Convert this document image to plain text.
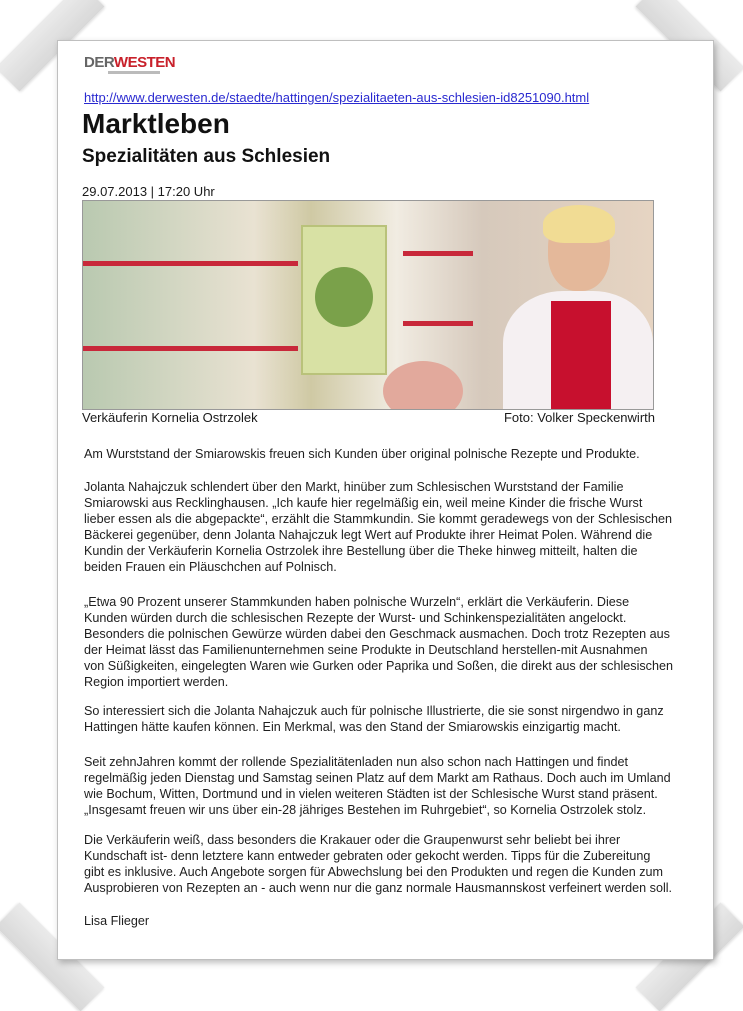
DERWESTEN
http://www.derwesten.de/staedte/hattingen/spezialitaeten-aus-schlesien-id8251090.html
Marktleben
Spezialitäten aus Schlesien
29.07.2013 | 17:20 Uhr
Verkäuferin Kornelia Ostrzolek	Foto: Volker Speckenwirth
Am Wurststand der Smiarowskis freuen sich Kunden über original polnische Rezepte und Produkte.
Jolanta Nahajczuk schlendert über den Markt, hinüber zum Schlesischen Wurststand der Familie
Smiarowski aus Recklinghausen. „Ich kaufe hier regelmäßig ein, weil meine Kinder die frische Wurst
lieber essen als die abgepackte“, erzählt die Stammkundin. Sie kommt geradewegs von der Schlesischen
Bäckerei gegenüber, denn Jolanta Nahajczuk legt Wert auf Produkte ihrer Heimat Polen. Während die
Kundin der Verkäuferin Kornelia Ostrzolek ihre Bestellung über die Theke hinweg mitteilt, halten die
beiden Frauen ein Pläuschchen auf Polnisch.
„Etwa 90 Prozent unserer Stammkunden haben polnische Wurzeln“, erklärt die Verkäuferin. Diese
Kunden würden durch die schlesischen Rezepte der Wurst- und Schinkenspezialitäten angelockt.
Besonders die polnischen Gewürze würden dabei den Geschmack ausmachen. Doch trotz Rezepten aus
der Heimat lässt das Familienunternehmen seine Produkte in Deutschland herstellen-mit Ausnahmen
von Süßigkeiten, eingelegten Waren wie Gurken oder Paprika und Soßen, die direkt aus der schlesischen
Region importiert werden.
So interessiert sich die Jolanta Nahajczuk auch für polnische Illustrierte, die sie sonst nirgendwo in ganz
Hattingen hätte kaufen können. Ein Merkmal, was den Stand der Smiarowskis einzigartig macht.
Seit zehnJahren kommt der rollende Spezialitätenladen nun also schon nach Hattingen und findet
regelmäßig jeden Dienstag und Samstag seinen Platz auf dem Markt am Rathaus. Doch auch im Umland
wie Bochum, Witten, Dortmund und in vielen weiteren Städten ist der Schlesische Wurst stand präsent.
„Insgesamt freuen wir uns über ein-28 jähriges Bestehen im Ruhrgebiet“, so Kornelia Ostrzolek stolz.
Die Verkäuferin weiß, dass besonders die Krakauer oder die Graupenwurst sehr beliebt bei ihrer
Kundschaft ist- denn letztere kann entweder gebraten oder gekocht werden. Tipps für die Zubereitung
gibt es inklusive. Auch Angebote sorgen für Abwechslung bei den Produkten und regen die Kunden zum
Ausprobieren von Rezepten an - auch wenn nur die ganz normale Hausmannskost verfeinert werden soll.
Lisa Flieger
